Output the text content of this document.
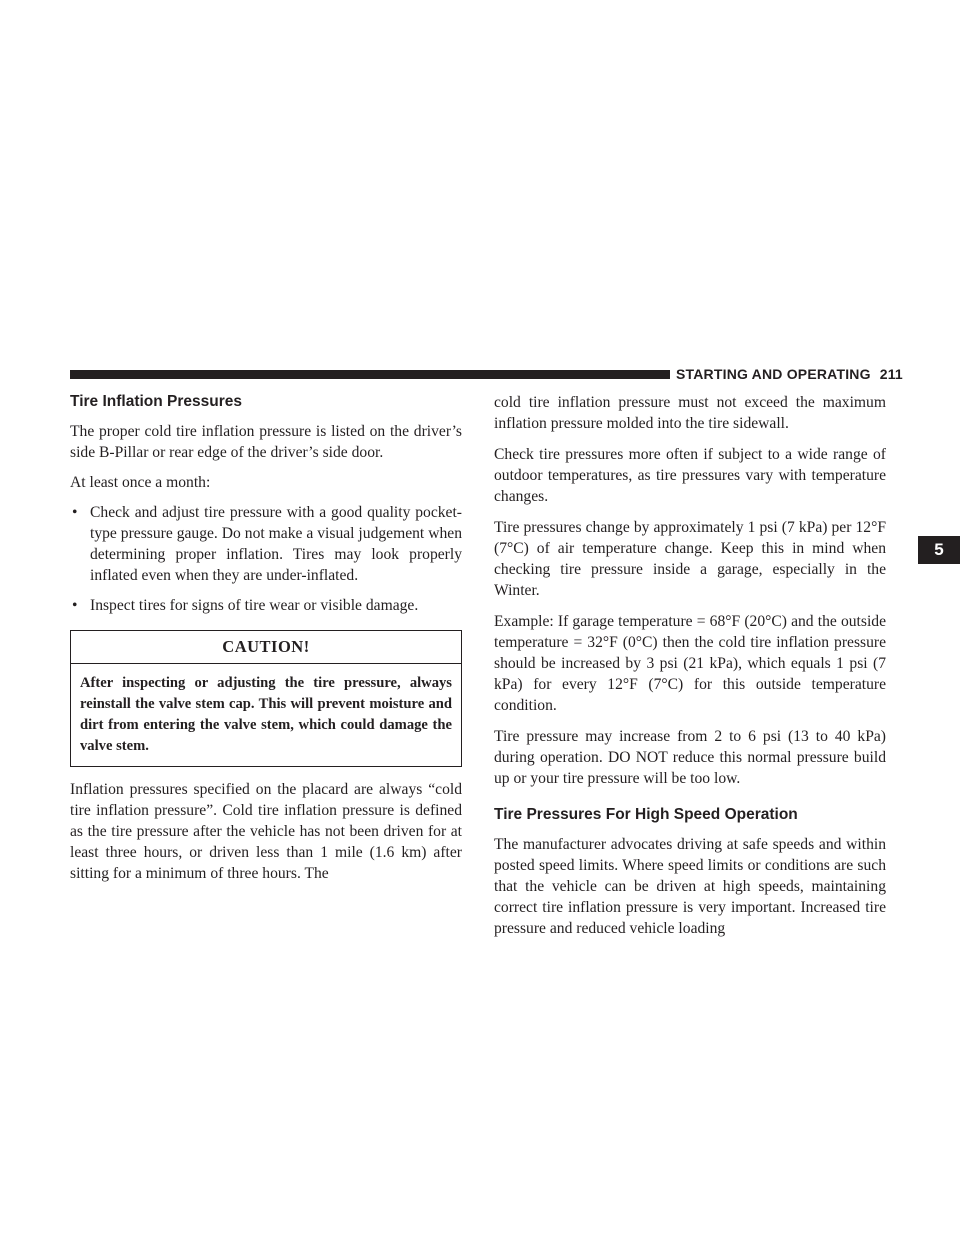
STARTING AND OPERATING 211
5
Tire Inflation Pressures

The proper cold tire inflation pressure is listed on the driver’s side B-Pillar or rear edge of the driver’s side door.

At least once a month:

• Check and adjust tire pressure with a good quality pocket-type pressure gauge. Do not make a visual judgement when determining proper inflation. Tires may look properly inflated even when they are under-inflated.
• Inspect tires for signs of tire wear or visible damage.
CAUTION!
After inspecting or adjusting the tire pressure, always reinstall the valve stem cap. This will prevent moisture and dirt from entering the valve stem, which could damage the valve stem.

Inflation pressures specified on the placard are always “cold tire inflation pressure”. Cold tire inflation pressure is defined as the tire pressure after the vehicle has not been driven for at least three hours, or driven less than 1 mile (1.6 km) after sitting for a minimum of three hours. The

cold tire inflation pressure must not exceed the maximum inflation pressure molded into the tire sidewall.

Check tire pressures more often if subject to a wide range of outdoor temperatures, as tire pressures vary with temperature changes.

Tire pressures change by approximately 1 psi (7 kPa) per 12°F (7°C) of air temperature change. Keep this in mind when checking tire pressure inside a garage, especially in the Winter.

Example: If garage temperature = 68°F (20°C) and the outside temperature = 32°F (0°C) then the cold tire inflation pressure should be increased by 3 psi (21 kPa), which equals 1 psi (7 kPa) for every 12°F (7°C) for this outside temperature condition.

Tire pressure may increase from 2 to 6 psi (13 to 40 kPa) during operation. DO NOT reduce this normal pressure build up or your tire pressure will be too low.

Tire Pressures For High Speed Operation

The manufacturer advocates driving at safe speeds and within posted speed limits. Where speed limits or conditions are such that the vehicle can be driven at high speeds, maintaining correct tire inflation pressure is very important. Increased tire pressure and reduced vehicle loading
